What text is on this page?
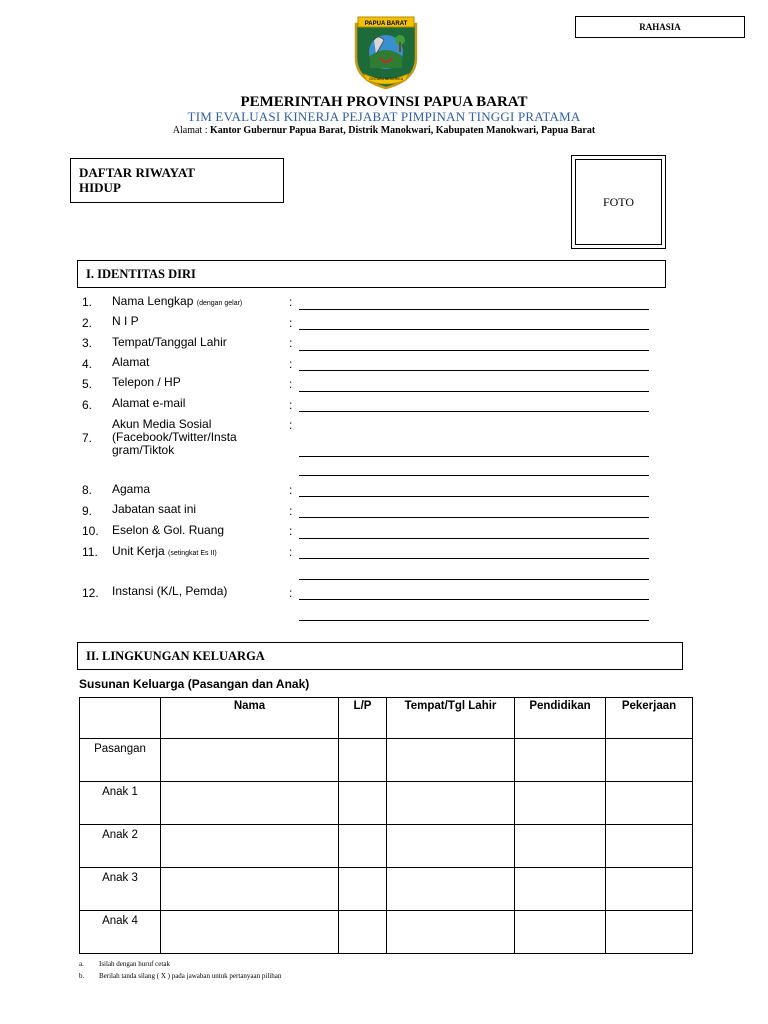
RAHASIA
PAPUA BARAT
CINTAKU NEGERIKU
PEMERINTAH PROVINSI PAPUA BARAT
TIM EVALUASI KINERJA PEJABAT PIMPINAN TINGGI PRATAMA
Alamat : Kantor Gubernur Papua Barat, Distrik Manokwari, Kabupaten Manokwari, Papua Barat
DAFTAR RIWAYAT
HIDUP
FOTO
I. IDENTITAS DIRI
1. Nama Lengkap (dengan gelar)	:
2. N I P	:
3. Tempat/Tanggal Lahir	:
4. Alamat	:
5. Telepon / HP	:
6. Alamat e-mail	:
7.
Akun Media Sosial
(Facebook/Twitter/Insta
gram/Tiktok
:
8. Agama	:
9. Jabatan saat ini	:
10. Eselon & Gol. Ruang	:
11. Unit Kerja (setingkat Es II)	:
12. Instansi (K/L, Pemda)	:
II. LINGKUNGAN KELUARGA
Susunan Keluarga (Pasangan dan Anak)
	Nama	L/P	Tempat/Tgl Lahir	Pendidikan	Pekerjaan
Pasangan					
Anak 1					
Anak 2					
Anak 3					
Anak 4					
a. Isilah dengan huruf cetak
b. Berilah tanda silang ( X ) pada jawaban untuk pertanyaan pilihan
